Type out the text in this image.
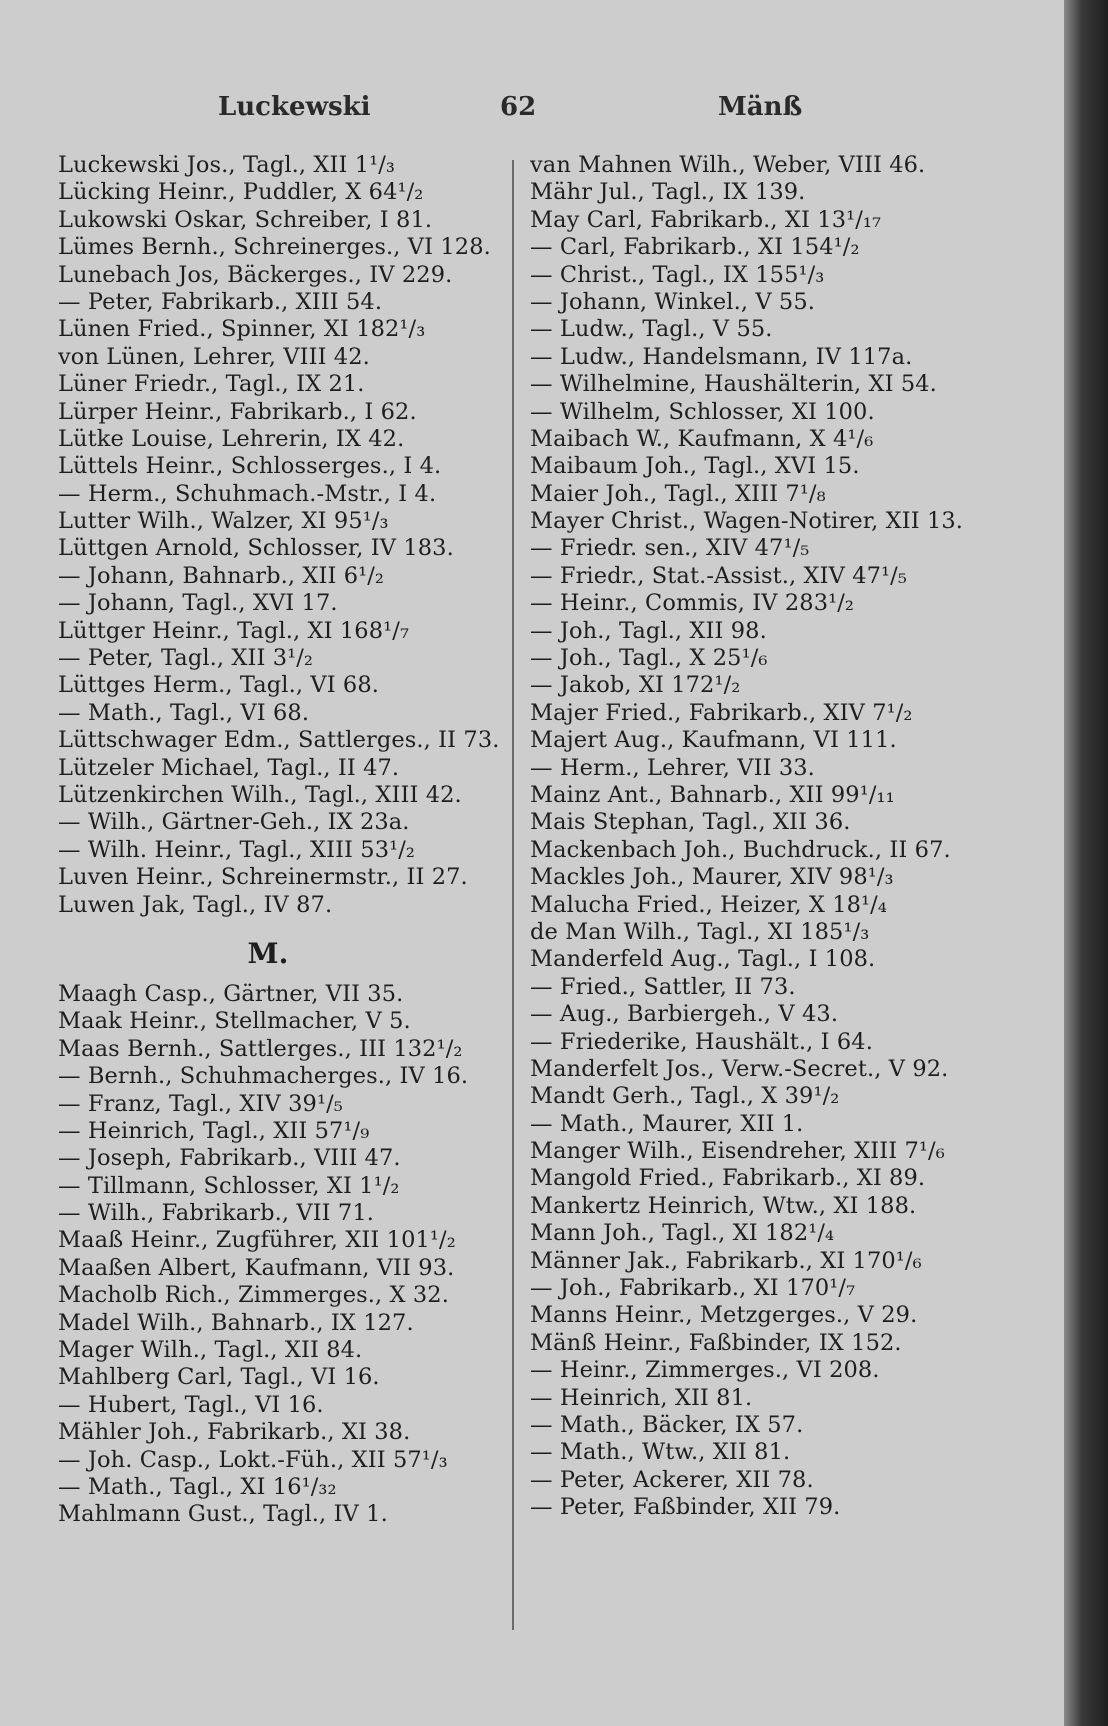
Luckewski	62	Mänß
Luckewski Jos., Tagl., XII 1¹/₃
Lücking Heinr., Puddler, X 64¹/₂
Lukowski Oskar, Schreiber, I 81.
Lümes Bernh., Schreinerges., VI 128.
Lunebach Jos, Bäckerges., IV 229.
— Peter, Fabrikarb., XIII 54.
Lünen Fried., Spinner, XI 182¹/₃
von Lünen, Lehrer, VIII 42.
Lüner Friedr., Tagl., IX 21.
Lürper Heinr., Fabrikarb., I 62.
Lütke Louise, Lehrerin, IX 42.
Lüttels Heinr., Schlosserges., I 4.
— Herm., Schuhmach.-Mstr., I 4.
Lutter Wilh., Walzer, XI 95¹/₃
Lüttgen Arnold, Schlosser, IV 183.
— Johann, Bahnarb., XII 6¹/₂
— Johann, Tagl., XVI 17.
Lüttger Heinr., Tagl., XI 168¹/₇
— Peter, Tagl., XII 3¹/₂
Lüttges Herm., Tagl., VI 68.
— Math., Tagl., VI 68.
Lüttschwager Edm., Sattlerges., II 73.
Lützeler Michael, Tagl., II 47.
Lützenkirchen Wilh., Tagl., XIII 42.
— Wilh., Gärtner-Geh., IX 23a.
— Wilh. Heinr., Tagl., XIII 53¹/₂
Luven Heinr., Schreinermstr., II 27.
Luwen Jak, Tagl., IV 87.
M.
Maagh Casp., Gärtner, VII 35.
Maak Heinr., Stellmacher, V 5.
Maas Bernh., Sattlerges., III 132¹/₂
— Bernh., Schuhmacherges., IV 16.
— Franz, Tagl., XIV 39¹/₅
— Heinrich, Tagl., XII 57¹/₉
— Joseph, Fabrikarb., VIII 47.
— Tillmann, Schlosser, XI 1¹/₂
— Wilh., Fabrikarb., VII 71.
Maaß Heinr., Zugführer, XII 101¹/₂
Maaßen Albert, Kaufmann, VII 93.
Macholb Rich., Zimmerges., X 32.
Madel Wilh., Bahnarb., IX 127.
Mager Wilh., Tagl., XII 84.
Mahlberg Carl, Tagl., VI 16.
— Hubert, Tagl., VI 16.
Mähler Joh., Fabrikarb., XI 38.
— Joh. Casp., Lokt.-Füh., XII 57¹/₃
— Math., Tagl., XI 16¹/₃₂
Mahlmann Gust., Tagl., IV 1.
van Mahnen Wilh., Weber, VIII 46.
Mähr Jul., Tagl., IX 139.
May Carl, Fabrikarb., XI 13¹/₁₇
— Carl, Fabrikarb., XI 154¹/₂
— Christ., Tagl., IX 155¹/₃
— Johann, Winkel., V 55.
— Ludw., Tagl., V 55.
— Ludw., Handelsmann, IV 117a.
— Wilhelmine, Haushälterin, XI 54.
— Wilhelm, Schlosser, XI 100.
Maibach W., Kaufmann, X 4¹/₆
Maibaum Joh., Tagl., XVI 15.
Maier Joh., Tagl., XIII 7¹/₈
Mayer Christ., Wagen-Notirer, XII 13.
— Friedr. sen., XIV 47¹/₅
— Friedr., Stat.-Assist., XIV 47¹/₅
— Heinr., Commis, IV 283¹/₂
— Joh., Tagl., XII 98.
— Joh., Tagl., X 25¹/₆
— Jakob, XI 172¹/₂
Majer Fried., Fabrikarb., XIV 7¹/₂
Majert Aug., Kaufmann, VI 111.
— Herm., Lehrer, VII 33.
Mainz Ant., Bahnarb., XII 99¹/₁₁
Mais Stephan, Tagl., XII 36.
Mackenbach Joh., Buchdruck., II 67.
Mackles Joh., Maurer, XIV 98¹/₃
Malucha Fried., Heizer, X 18¹/₄
de Man Wilh., Tagl., XI 185¹/₃
Manderfeld Aug., Tagl., I 108.
— Fried., Sattler, II 73.
— Aug., Barbiergeh., V 43.
— Friederike, Haushält., I 64.
Manderfelt Jos., Verw.-Secret., V 92.
Mandt Gerh., Tagl., X 39¹/₂
— Math., Maurer, XII 1.
Manger Wilh., Eisendreher, XIII 7¹/₆
Mangold Fried., Fabrikarb., XI 89.
Mankertz Heinrich, Wtw., XI 188.
Mann Joh., Tagl., XI 182¹/₄
Männer Jak., Fabrikarb., XI 170¹/₆
— Joh., Fabrikarb., XI 170¹/₇
Manns Heinr., Metzgerges., V 29.
Mänß Heinr., Faßbinder, IX 152.
— Heinr., Zimmerges., VI 208.
— Heinrich, XII 81.
— Math., Bäcker, IX 57.
— Math., Wtw., XII 81.
— Peter, Ackerer, XII 78.
— Peter, Faßbinder, XII 79.
